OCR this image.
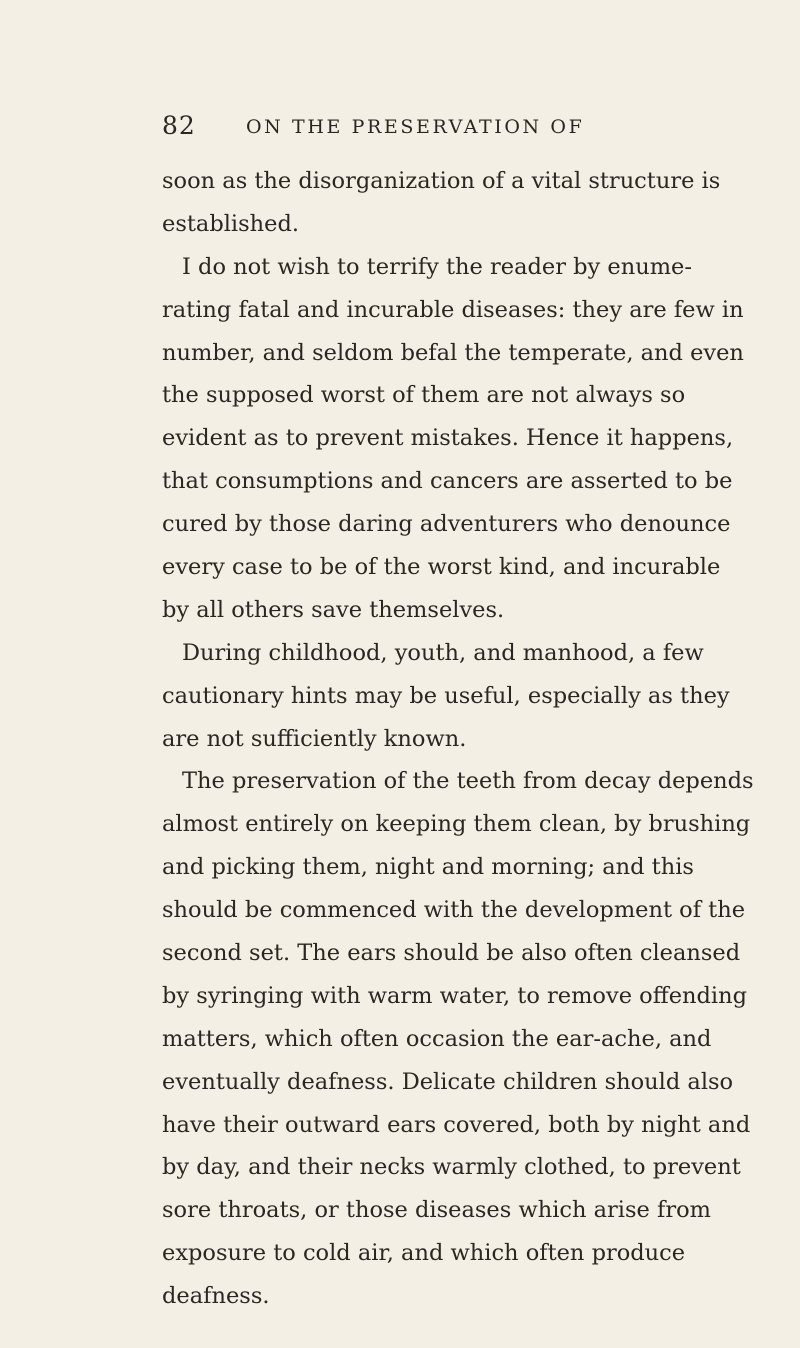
82	ON THE PRESERVATION OF
soon as the disorganization of a vital structure is
established.
I do not wish to terrify the reader by enume-
rating fatal and incurable diseases: they are few in
number, and seldom befal the temperate, and even
the supposed worst of them are not always so
evident as to prevent mistakes. Hence it happens,
that consumptions and cancers are asserted to be
cured by those daring adventurers who denounce
every case to be of the worst kind, and incurable
by all others save themselves.
During childhood, youth, and manhood, a few
cautionary hints may be useful, especially as they
are not sufficiently known.
The preservation of the teeth from decay depends
almost entirely on keeping them clean, by brushing
and picking them, night and morning; and this
should be commenced with the development of the
second set. The ears should be also often cleansed
by syringing with warm water, to remove offending
matters, which often occasion the ear-ache, and
eventually deafness. Delicate children should also
have their outward ears covered, both by night and
by day, and their necks warmly clothed, to prevent
sore throats, or those diseases which arise from
exposure to cold air, and which often produce
deafness.
